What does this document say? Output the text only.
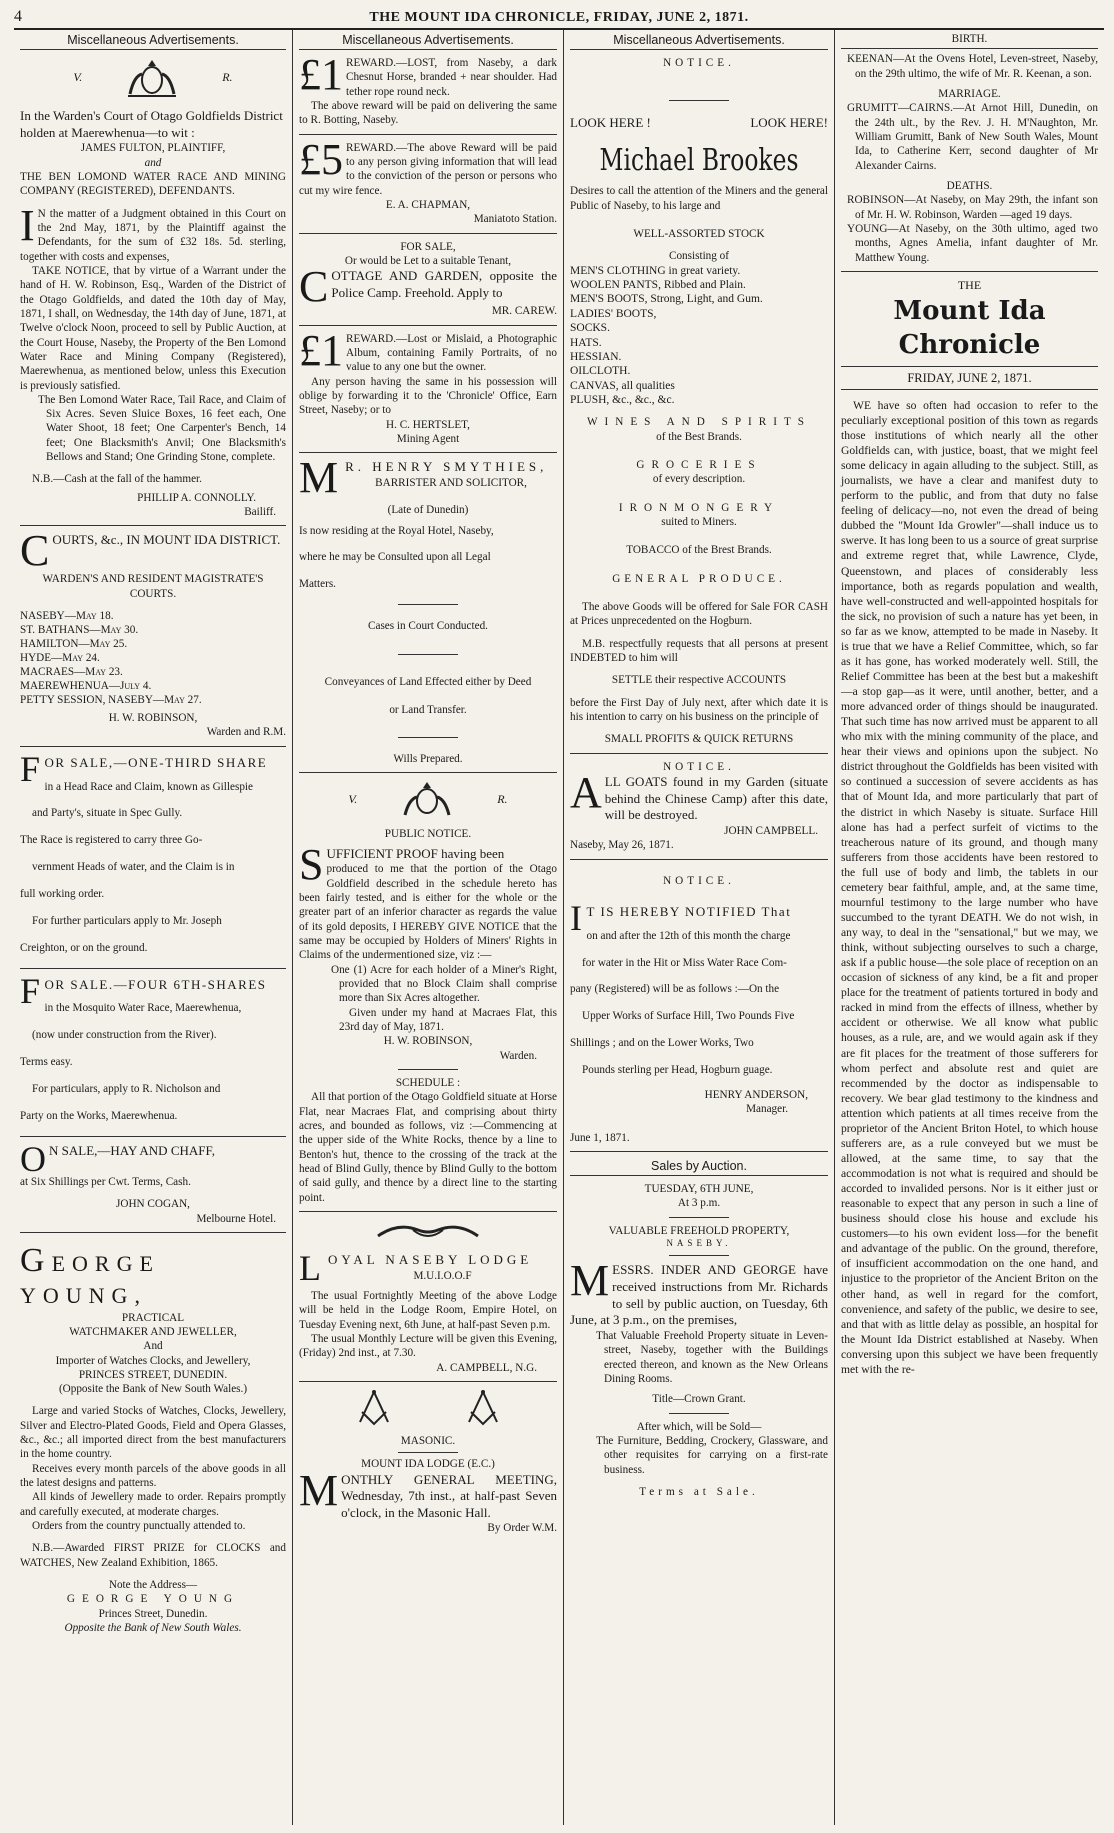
4	THE MOUNT IDA CHRONICLE, FRIDAY, JUNE 2, 1871.
Miscellaneous Advertisements.
V.	R.

In the Warden's Court of Otago Goldfields District holden at Maerewhenua—to wit :

JAMES FULTON, PLAINTIFF,
and

THE BEN LOMOND WATER RACE AND MINING COMPANY (REGISTERED), DEFENDANTS.

I N the matter of a Judgment obtained in this Court on the 2nd May, 1871, by the Plaintiff against the Defendants, for the sum of £32 18s. 5d. sterling, together with costs and expenses,

TAKE NOTICE, that by virtue of a Warrant under the hand of H. W. Robinson, Esq., Warden of the District of the Otago Goldfields, and dated the 10th day of May, 1871, I shall, on Wednesday, the 14th day of June, 1871, at Twelve o'clock Noon, proceed to sell by Public Auction, at the Court House, Naseby, the Property of the Ben Lomond Water Race and Mining Company (Registered), Maerewhenua, as mentioned below, unless this Execution is previously satisfied.

The Ben Lomond Water Race, Tail Race, and Claim of Six Acres. Seven Sluice Boxes, 16 feet each, One Water Shoot, 18 feet; One Carpenter's Bench, 14 feet; One Blacksmith's Anvil; One Blacksmith's Bellows and Stand; One Grinding Stone, complete.

N.B.—Cash at the fall of the hammer.

PHILLIP A. CONNOLLY.
Bailiff.

COURTS, &c., IN MOUNT IDA DISTRICT.

WARDEN'S AND RESIDENT MAGISTRATE'S COURTS.
NASEBY—May 18.
ST. BATHANS—May 30.
HAMILTON—May 25.
HYDE—May 24.
MACRAES—May 23.
MAEREWHENUA—July 4.
PETTY SESSION, NASEBY—May 27.
H. W. ROBINSON,
Warden and R.M.

FOR SALE,—ONE-THIRD SHARE

in a Head Race and Claim, known as Gillespie

and Party's, situate in Spec Gully.

The Race is registered to carry three Go-

vernment Heads of water, and the Claim is in

full working order.

For further particulars apply to Mr. Joseph

Creighton, or on the ground.

FOR SALE.—FOUR 6TH-SHARES

in the Mosquito Water Race, Maerewhenua,

(now under construction from the River).

Terms easy.

For particulars, apply to R. Nicholson and

Party on the Works, Maerewhenua.

O N SALE,—HAY AND CHAFF,

at Six Shillings per Cwt. Terms, Cash.

JOHN COGAN,
Melbourne Hotel.
GEORGE YOUNG,
PRACTICAL
WATCHMAKER AND JEWELLER,
And
Importer of Watches Clocks, and Jewellery,
PRINCES STREET, DUNEDIN.
(Opposite the Bank of New South Wales.)

Large and varied Stocks of Watches, Clocks, Jewellery, Silver and Electro-Plated Goods, Field and Opera Glasses, &c., &c.; all imported direct from the best manufacturers in the home country.

Receives every month parcels of the above goods in all the latest designs and patterns.

All kinds of Jewellery made to order. Repairs promptly and carefully executed, at moderate charges.

Orders from the country punctually attended to.

N.B.—Awarded FIRST PRIZE for CLOCKS and WATCHES, New Zealand Exhibition, 1865.

Note the Address—
GEORGE YOUNG
Princes Street, Dunedin.
Opposite the Bank of New South Wales.
Miscellaneous Advertisements.

£1 REWARD.—LOST, from Naseby, a dark Chesnut Horse, branded + near shoulder. Had tether rope round neck.

The above reward will be paid on delivering the same to R. Botting, Naseby.

£5 REWARD.—The above Reward will be paid to any person giving information that will lead to the conviction of the person or persons who cut my wire fence.

E. A. CHAPMAN,
Maniatoto Station.
FOR SALE,
Or would be Let to a suitable Tenant,

COTTAGE AND GARDEN, opposite the Police Camp. Freehold. Apply to

MR. CAREW.

£1 REWARD.—Lost or Mislaid, a Photographic Album, containing Family Portraits, of no value to any one but the owner.

Any person having the same in his possession will oblige by forwarding it to the 'Chronicle' Office, Earn Street, Naseby; or to

H. C. HERTSLET,
Mining Agent

M R. HENRY SMYTHIES,

BARRISTER AND SOLICITOR,
(Late of Dunedin)

Is now residing at the Royal Hotel, Naseby,

where he may be Consulted upon all Legal

Matters.

Cases in Court Conducted.
Conveyances of Land Effected either by Deed
or Land Transfer.
Wills Prepared.
V.	R.
PUBLIC NOTICE.

SUFFICIENT PROOF having been

produced to me that the portion of the Otago Goldfield described in the schedule hereto has been fairly tested, and is either for the whole or the greater part of an inferior character as regards the value of its gold deposits, I HEREBY GIVE NOTICE that the same may be occupied by Holders of Miners' Rights in Claims of the undermentioned size, viz :—

One (1) Acre for each holder of a Miner's Right, provided that no Block Claim shall comprise more than Six Acres altogether.

Given under my hand at Macraes Flat, this 23rd day of May, 1871.

H. W. ROBINSON,
Warden.
SCHEDULE :

All that portion of the Otago Goldfield situate at Horse Flat, near Macraes Flat, and comprising about thirty acres, and bounded as follows, viz :—Commencing at the upper side of the White Rocks, thence by a line to Benton's hut, thence to the crossing of the track at the head of Blind Gully, thence by Blind Gully to the bottom of said gully, and thence by a direct line to the starting point.

LOYAL NASEBY LODGE

M.U.I.O.O.F

The usual Fortnightly Meeting of the above Lodge will be held in the Lodge Room, Empire Hotel, on Tuesday Evening next, 6th June, at half-past Seven p.m.

The usual Monthly Lecture will be given this Evening, (Friday) 2nd inst., at 7.30.

A. CAMPBELL, N.G.
MASONIC.
MOUNT IDA LODGE (E.C.)

MONTHLY GENERAL MEETING, Wednesday, 7th inst., at half-past Seven o'clock, in the Masonic Hall.

By Order W.M.
Miscellaneous Advertisements.
NOTICE.
LOOK HERE !	LOOK HERE!
Michael Brookes

Desires to call the attention of the Miners and the general Public of Naseby, to his large and

WELL-ASSORTED STOCK
Consisting of
MEN'S CLOTHING in great variety.
WOOLEN PANTS, Ribbed and Plain.
MEN'S BOOTS, Strong, Light, and Gum.
LADIES' BOOTS,
SOCKS.
HATS.
HESSIAN.
OILCLOTH.
CANVAS, all qualities
PLUSH, &c., &c., &c.
WINES AND SPIRITS
of the Best Brands.
GROCERIES
of every description.
IRONMONGERY
suited to Miners.
TOBACCO of the Brest Brands.
GENERAL PRODUCE.

The above Goods will be offered for Sale FOR CASH at Prices unprecedented on the Hogburn.

M.B. respectfully requests that all persons at present INDEBTED to him will

SETTLE their respective ACCOUNTS

before the First Day of July next, after which date it is his intention to carry on his business on the principle of

SMALL PROFITS & QUICK RETURNS
NOTICE.

ALL GOATS found in my Garden (situate behind the Chinese Camp) after this date, will be destroyed.

JOHN CAMPBELL.
Naseby, May 26, 1871.
NOTICE.

I T IS HEREBY NOTIFIED That

on and after the 12th of this month the charge

for water in the Hit or Miss Water Race Com-

pany (Registered) will be as follows :—On the

Upper Works of Surface Hill, Two Pounds Five

Shillings ; and on the Lower Works, Two

Pounds sterling per Head, Hogburn guage.

HENRY ANDERSON,
Manager.
June 1, 1871.
Sales by Auction.
TUESDAY, 6TH JUNE,
At 3 p.m.
VALUABLE FREEHOLD PROPERTY,
NASEBY.

MESSRS. INDER AND GEORGE have received instructions from Mr. Richards to sell by public auction, on Tuesday, 6th June, at 3 p.m., on the premises,

That Valuable Freehold Property situate in Leven-street, Naseby, together with the Buildings erected thereon, and known as the New Orleans Dining Rooms.

Title—Crown Grant.
After which, will be Sold—

The Furniture, Bedding, Crockery, Glassware, and other requisites for carrying on a first-rate business.

Terms at Sale.
BIRTH.

KEENAN—At the Ovens Hotel, Leven-street, Naseby, on the 29th ultimo, the wife of Mr. R. Keenan, a son.

MARRIAGE.

GRUMITT—CAIRNS.—At Arnot Hill, Dunedin, on the 24th ult., by the Rev. J. H. M'Naughton, Mr. William Grumitt, Bank of New South Wales, Mount Ida, to Catherine Kerr, second daughter of Mr Alexander Cairns.

DEATHS.

ROBINSON—At Naseby, on May 29th, the infant son of Mr. H. W. Robinson, Warden —aged 19 days.

YOUNG—At Naseby, on the 30th ultimo, aged two months, Agnes Amelia, infant daughter of Mr. Matthew Young.

THE
Mount Ida Chronicle
FRIDAY, JUNE 2, 1871.

WE have so often had occasion to refer to the peculiarly exceptional position of this town as regards those institutions of which nearly all the other Goldfields can, with justice, boast, that we might feel some delicacy in again alluding to the subject. Still, as journalists, we have a clear and manifest duty to perform to the public, and from that duty no false feeling of delicacy—no, not even the dread of being dubbed the "Mount Ida Growler"—shall induce us to swerve. It has long been to us a source of great surprise and extreme regret that, while Lawrence, Clyde, Queenstown, and places of considerably less importance, both as regards population and wealth, have well-constructed and well-appointed hospitals for the sick, no provision of such a nature has yet been, in so far as we know, attempted to be made in Naseby. It is true that we have a Relief Committee, which, so far as it has gone, has worked moderately well. Still, the Relief Committee has been at the best but a makeshift—a stop gap—as it were, until another, better, and a more advanced order of things should be inaugurated. That such time has now arrived must be apparent to all who mix with the mining community of the place, and hear their views and opinions upon the subject. No district throughout the Goldfields has been visited with so continued a succession of severe accidents as has that of Mount Ida, and more particularly that part of the district in which Naseby is situate. Surface Hill alone has had a perfect surfeit of victims to the treacherous nature of its ground, and though many sufferers from those accidents have been restored to the full use of body and limb, the tablets in our cemetery bear faithful, ample, and, at the same time, mournful testimony to the large number who have succumbed to the tyrant DEATH. We do not wish, in any way, to deal in the "sensational," but we may, we think, without subjecting ourselves to such a charge, ask if a public house—the sole place of reception on an occasion of sickness of any kind, be a fit and proper place for the treatment of patients tortured in body and racked in mind from the effects of illness, whether by accident or otherwise. We all know what public houses, as a rule, are, and we would again ask if they are fit places for the treatment of those sufferers for whom perfect and absolute rest and quiet are recommended by the doctor as indispensable to recovery. We bear glad testimony to the kindness and attention which patients at all times receive from the proprietor of the Ancient Briton Hotel, to which house sufferers are, as a rule conveyed but we must be allowed, at the same time, to say that the accommodation is not what is required and should be accorded to invalided persons. Nor is it either just or reasonable to expect that any person in such a line of business should close his house and exclude his customers—to his own evident loss—for the benefit and advantage of the public. On the ground, therefore, of insufficient accommodation on the one hand, and injustice to the proprietor of the Ancient Briton on the other hand, as well in regard for the comfort, convenience, and safety of the public, we desire to see, and that with as little delay as possible, an hospital for the Mount Ida District established at Naseby. When conversing upon this subject we have been frequently met with the re-
